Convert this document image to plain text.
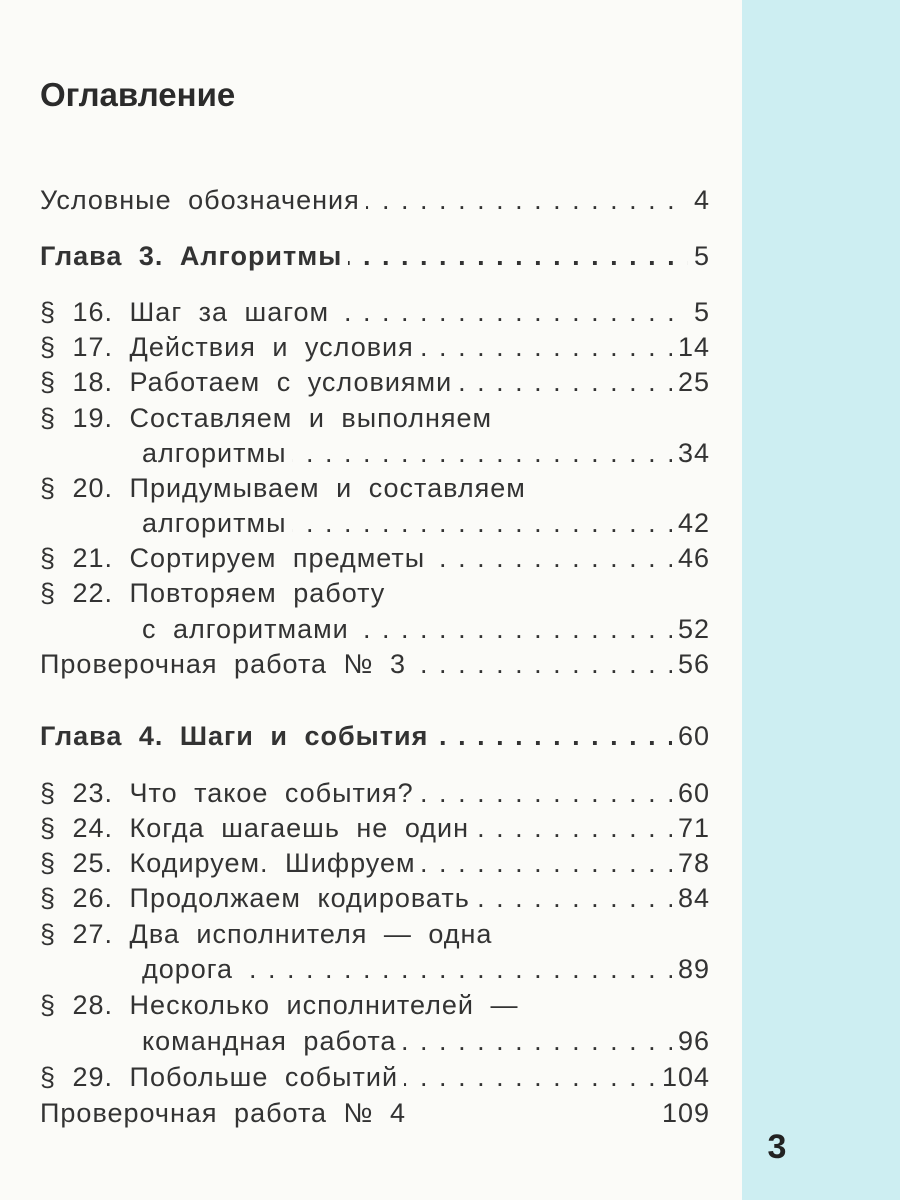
Оглавление
. . .
Условные обозначения	4
. . .
Глава 3. Алгоритмы	5
. . .
§ 16. Шаг за шагом	5
. . .
§ 17. Действия и условия	14
. . .
§ 18. Работаем с условиями	25
§ 19. Составляем и выполняем
. . .
алгоритмы	34
§ 20. Придумываем и составляем
. . .
алгоритмы	42
. . .
§ 21. Сортируем предметы	46
§ 22. Повторяем работу
. . .
с алгоритмами	52
. . .
Проверочная работа № 3	56
. . .
Глава 4. Шаги и события	60
. . .
§ 23. Что такое события?	60
. . .
§ 24. Когда шагаешь не один	71
. . .
§ 25. Кодируем. Шифруем	78
. . .
§ 26. Продолжаем кодировать	84
§ 27. Два исполнителя — одна
. . .
дорога	89
§ 28. Несколько исполнителей —
. . .
командная работа	96
. . .
§ 29. Побольше событий	104
Проверочная работа № 4	109
3
